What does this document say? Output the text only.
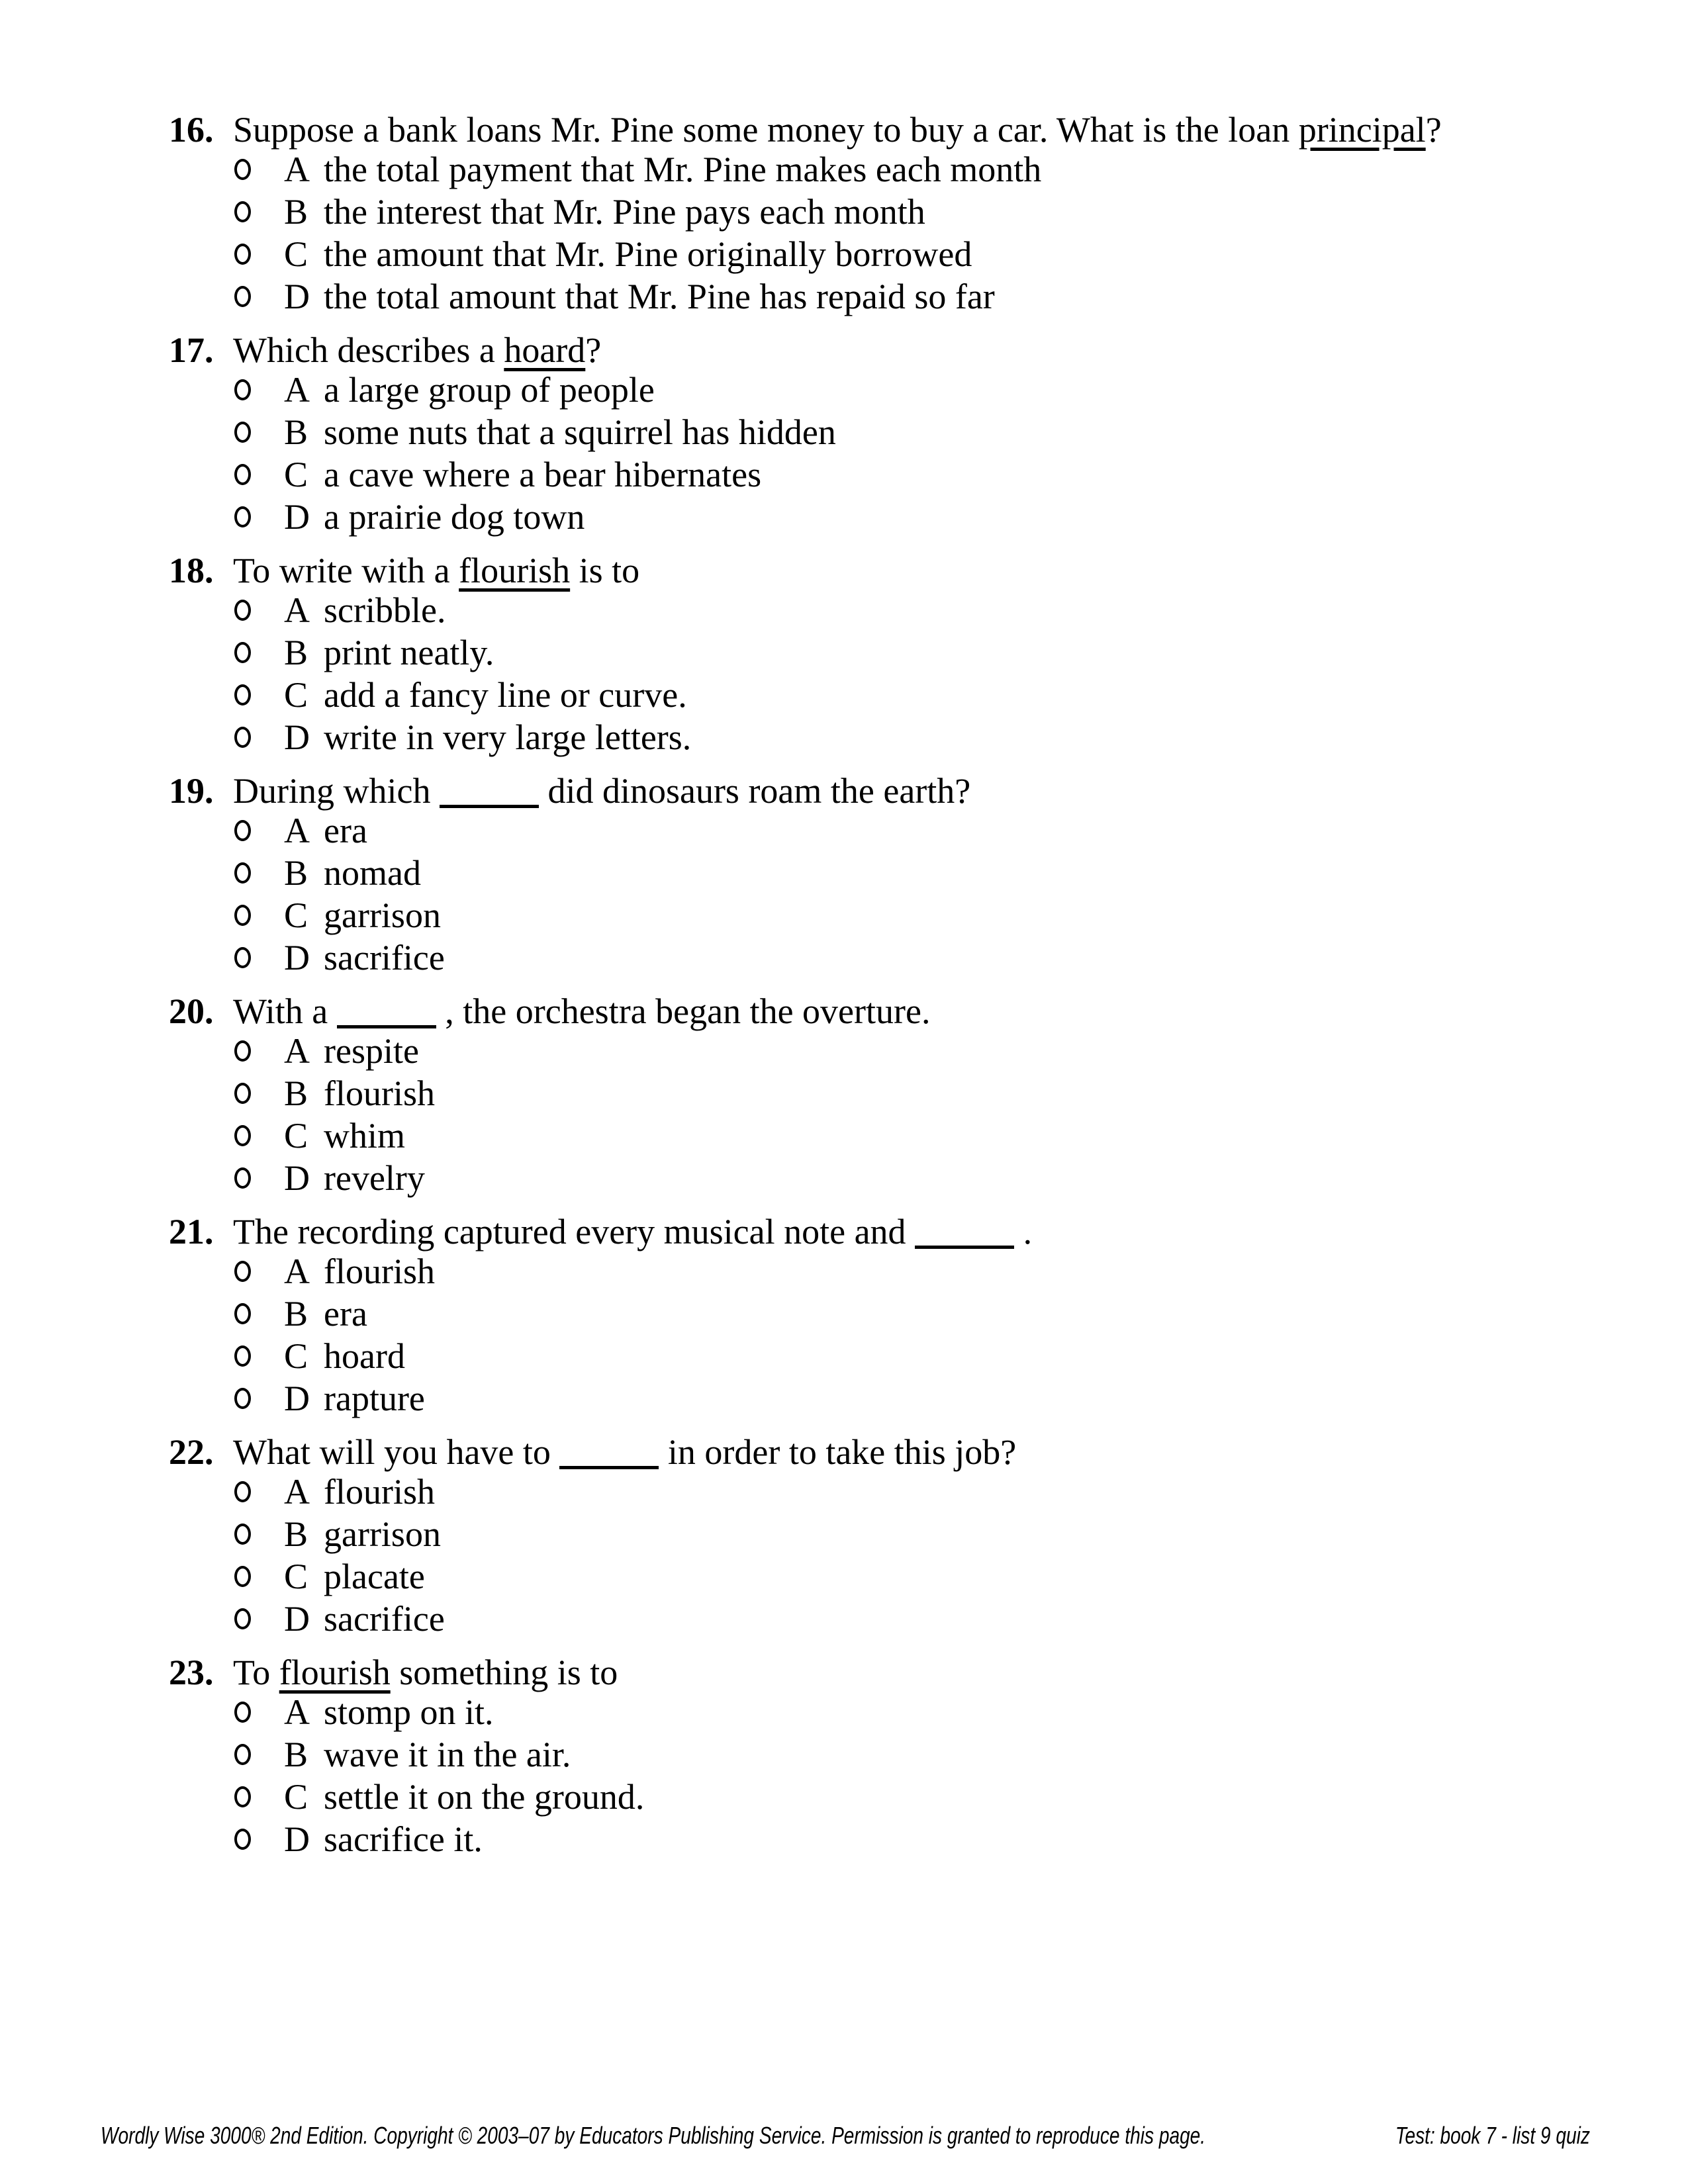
16. Suppose a bank loans Mr. Pine some money to buy a car. What is the loan principal?
A the total payment that Mr. Pine makes each month
B the interest that Mr. Pine pays each month
C the amount that Mr. Pine originally borrowed
D the total amount that Mr. Pine has repaid so far
17. Which describes a hoard?
A a large group of people
B some nuts that a squirrel has hidden
C a cave where a bear hibernates
D a prairie dog town
18. To write with a flourish is to
A scribble.
B print neatly.
C add a fancy line or curve.
D write in very large letters.
19. During which	did dinosaurs roam the earth?
A era
B nomad
C garrison
D sacrifice
20. With a	, the orchestra began the overture.
A respite
B flourish
C whim
D revelry
21. The recording captured every musical note and	.
A flourish
B era
C hoard
D rapture
22. What will you have to	in order to take this job?
A flourish
B garrison
C placate
D sacrifice
23. To flourish something is to
A stomp on it.
B wave it in the air.
C settle it on the ground.
D sacrifice it.
Wordly Wise 3000® 2nd Edition. Copyright © 2003–07 by Educators Publishing Service. Permission is granted to reproduce this page.	Test: book 7 - list 9 quiz
